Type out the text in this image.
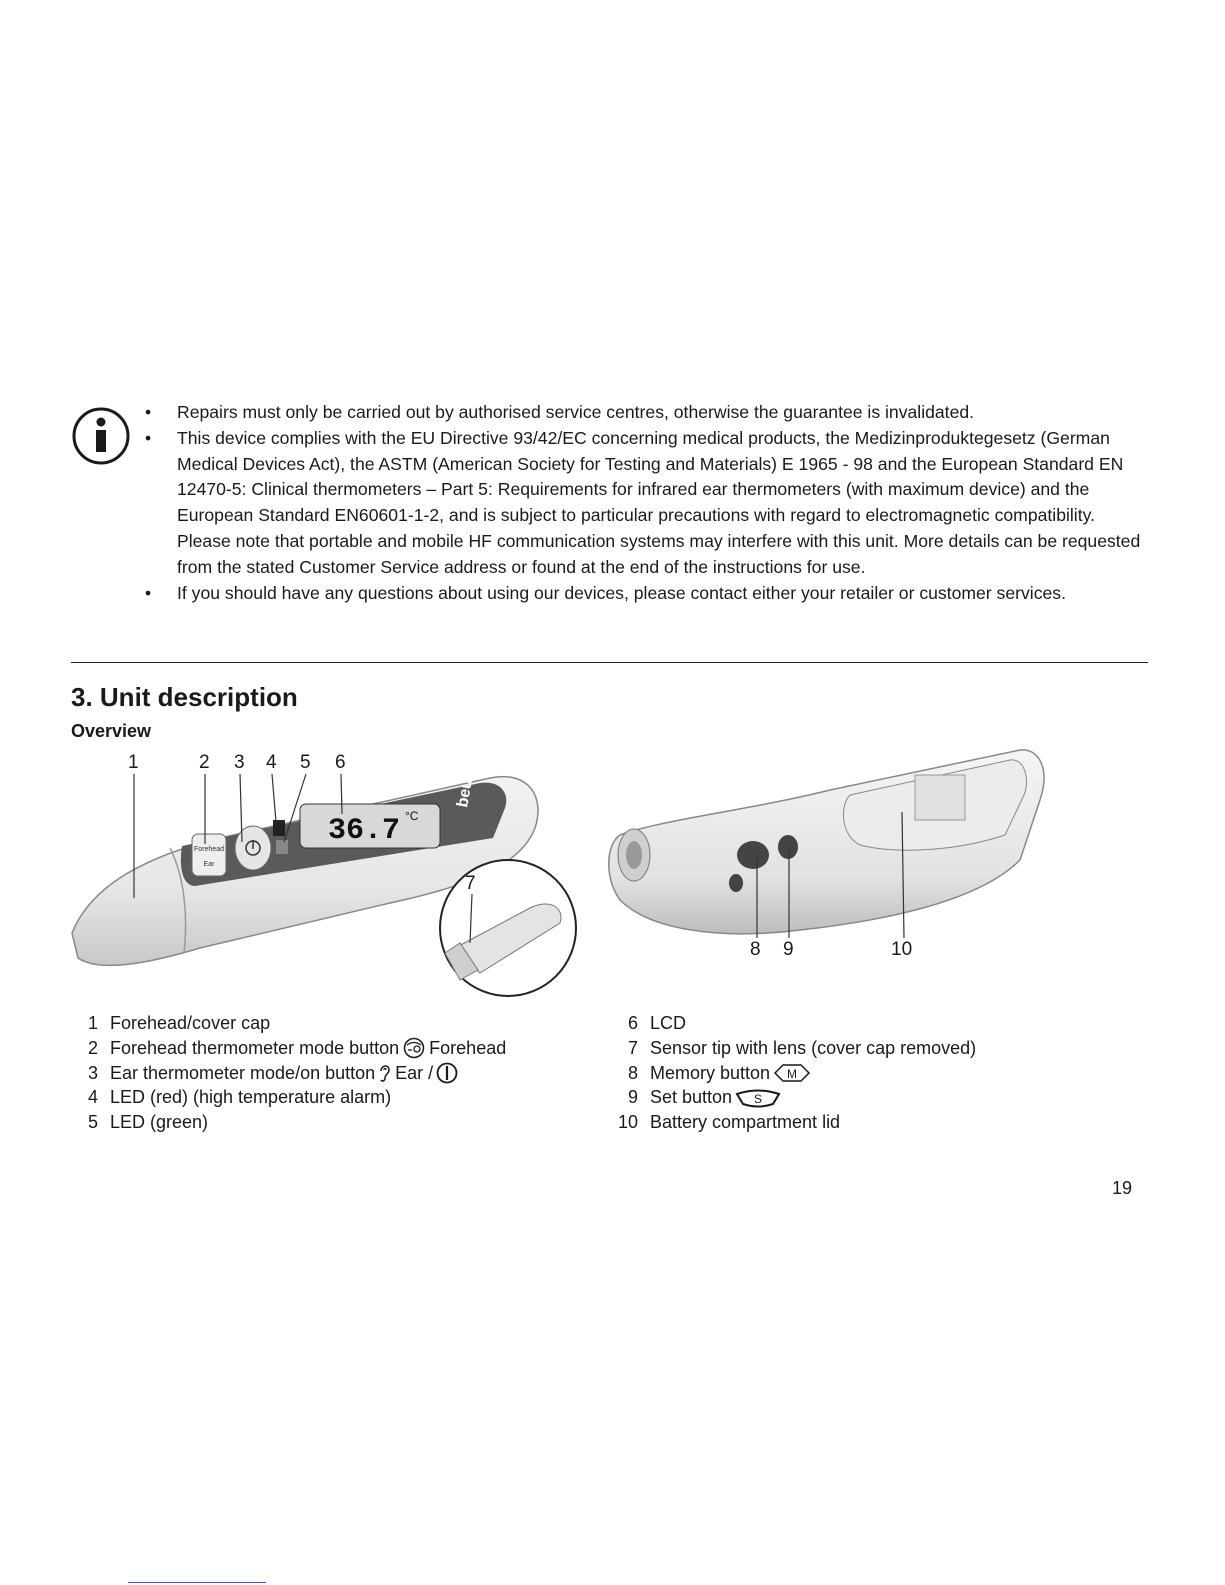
• Repairs must only be carried out by authorised service centres, otherwise the guarantee is invalidated.
• This device complies with the EU Directive 93/42/EC concerning medical products, the Medizinproduktegesetz (German Medical Devices Act), the ASTM (American Society for Testing and Materials) E 1965 - 98 and the European Standard EN 12470-5: Clinical thermometers – Part 5: Requirements for infrared ear thermometers (with maximum device) and the European Standard EN60601-1-2, and is subject to particular precautions with regard to electromagnetic compatibility. Please note that portable and mobile HF communication systems may interfere with this unit. More details can be requested from the stated Customer Service address or found at the end of the instructions for use.
• If you should have any questions about using our devices, please contact either your retailer or customer services.
3. Unit description
Overview
1	2 3 4 5 6
Forehead
Ear
36.7 °C
beurer
7
8 9	10
1 Forehead/cover cap
2 Forehead thermometer mode button Forehead
3 Ear thermometer mode/on button Ear /
4 LED (red) (high temperature alarm)
5 LED (green)
6 LCD
7 Sensor tip with lens (cover cap removed)
8 Memory button M
9 Set button S
10 Battery compartment lid
19
